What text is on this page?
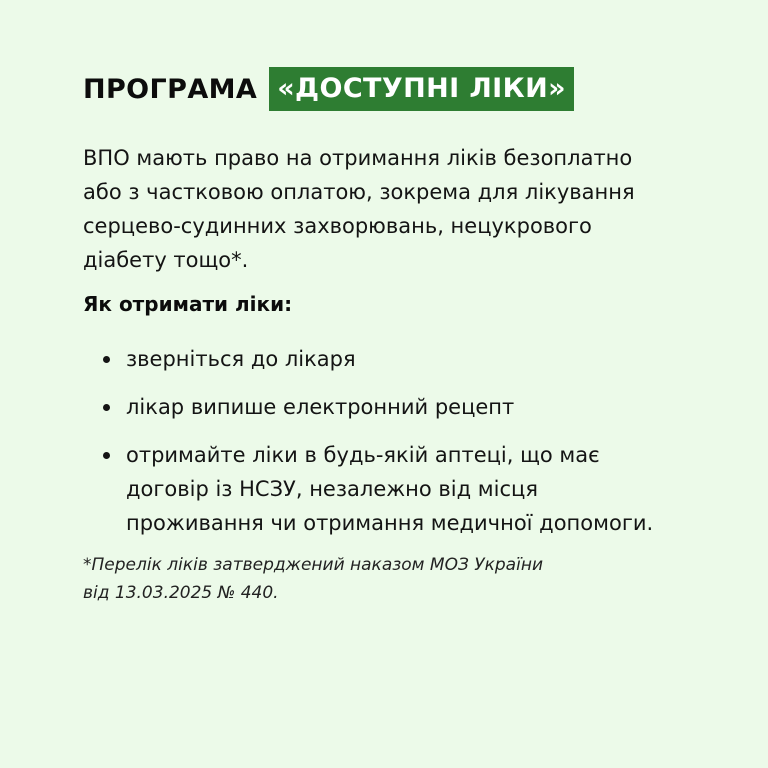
ПРОГРАМА «ДОСТУПНІ ЛІКИ»

ВПО мають право на отримання ліків безоплатно
або з частковою оплатою, зокрема для лікування
серцево-судинних захворювань, нецукрового
діабету тощо*.

Як отримати ліки:

зверніться до лікаря
лікар випише електронний рецепт
отримайте ліки в будь-якій аптеці, що має
договір із НСЗУ, незалежно від місця
проживання чи отримання медичної допомоги.

*Перелік ліків затверджений наказом МОЗ України
від 13.03.2025 № 440.
